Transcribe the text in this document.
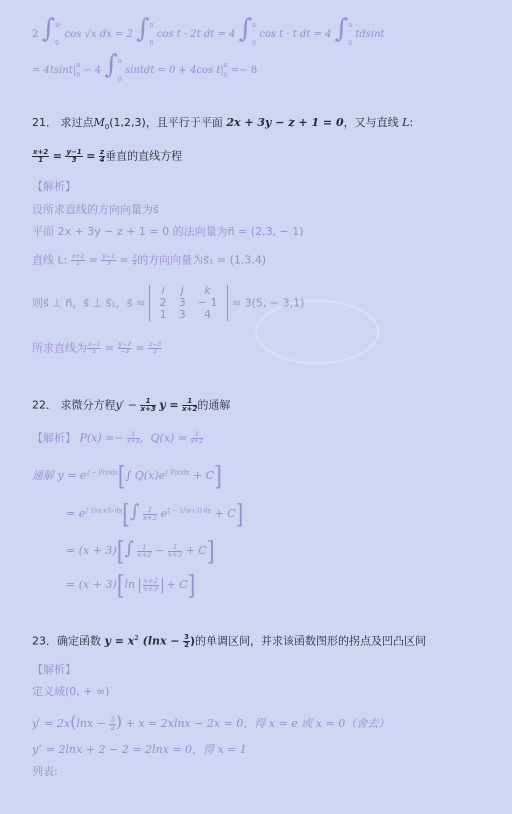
2 ∫ π²
0
cos √x dx = 2 ∫ π
0
cos t · 2t dt = 4 ∫ π
0
cos t · t dt = 4 ∫ π
0
tdsint
= 4tsint| π
0 − 4 ∫ π
0
sintdt = 0 + 4cos t| π
0 =− 8
21． 求过点$M_0(1,2,3)$，且平行于平面 2x + 3y − z + 1 = 0，又与直线 L:
$\frac{x+2}{1} = \frac{y-1}{3} = \frac{z}{4}$ 垂直的直线方程
【解析】
设所求直线的方向向量为s⃗
平面 2x + 3y − z + 1 = 0 的法向量为n⃗ = (2,3, − 1)
直线 L: $\frac{x+2}{1} = \frac{y-1}{3} = \frac{z}{4}$ 的方向向量为s⃗₁ = (1,3,4)
则s⃗ ⊥ n⃗，s⃗ ⊥ s⃗₁，s⃗ =
i	j	k
2	3	− 1
1	3	4
= 3(5, − 3,1)
所求直线为 $\frac{x-1}{5} = \frac{y-2}{-3} = \frac{z-3}{1}$
22． 求微分方程$y' - \frac{1}{x+3}$ $y = \frac{1}{x+2}$ 的通解
【解析】 $P(x) =- \frac{1}{x+3}$ ，$Q(x) = \frac{1}{x+2}$
通解 $y = e^{\int - P(x)dx}[\int$ $Q(x)e^{\int P(x)dx} + C$]
= $e^{\int 1/(x+3) dx}[\int \frac{1}{x+2} e^{\int - 1/(x+3) dx} + C]$
= $(x + 3)[\int \frac{1}{x+2} - \frac{1}{x+3} + C]$
= $(x + 3)[\ln \frac{x+2}{x+3} + C]$
23．确定函数 $y = x^2$ ($\ln x - \frac{3}{2}$ )的单调区间，并求该函数图形的拐点及凹凸区间
【解析】
定义域(0, + ∞)
$y' = 2x(\ln x - \frac{3}{2}$ ) + x = 2xlnx − 2x = 0，得 x = e 或 x = 0（舍去）
y″ = 2lnx + 2 − 2 = 2lnx = 0，得 x = 1
列表:
